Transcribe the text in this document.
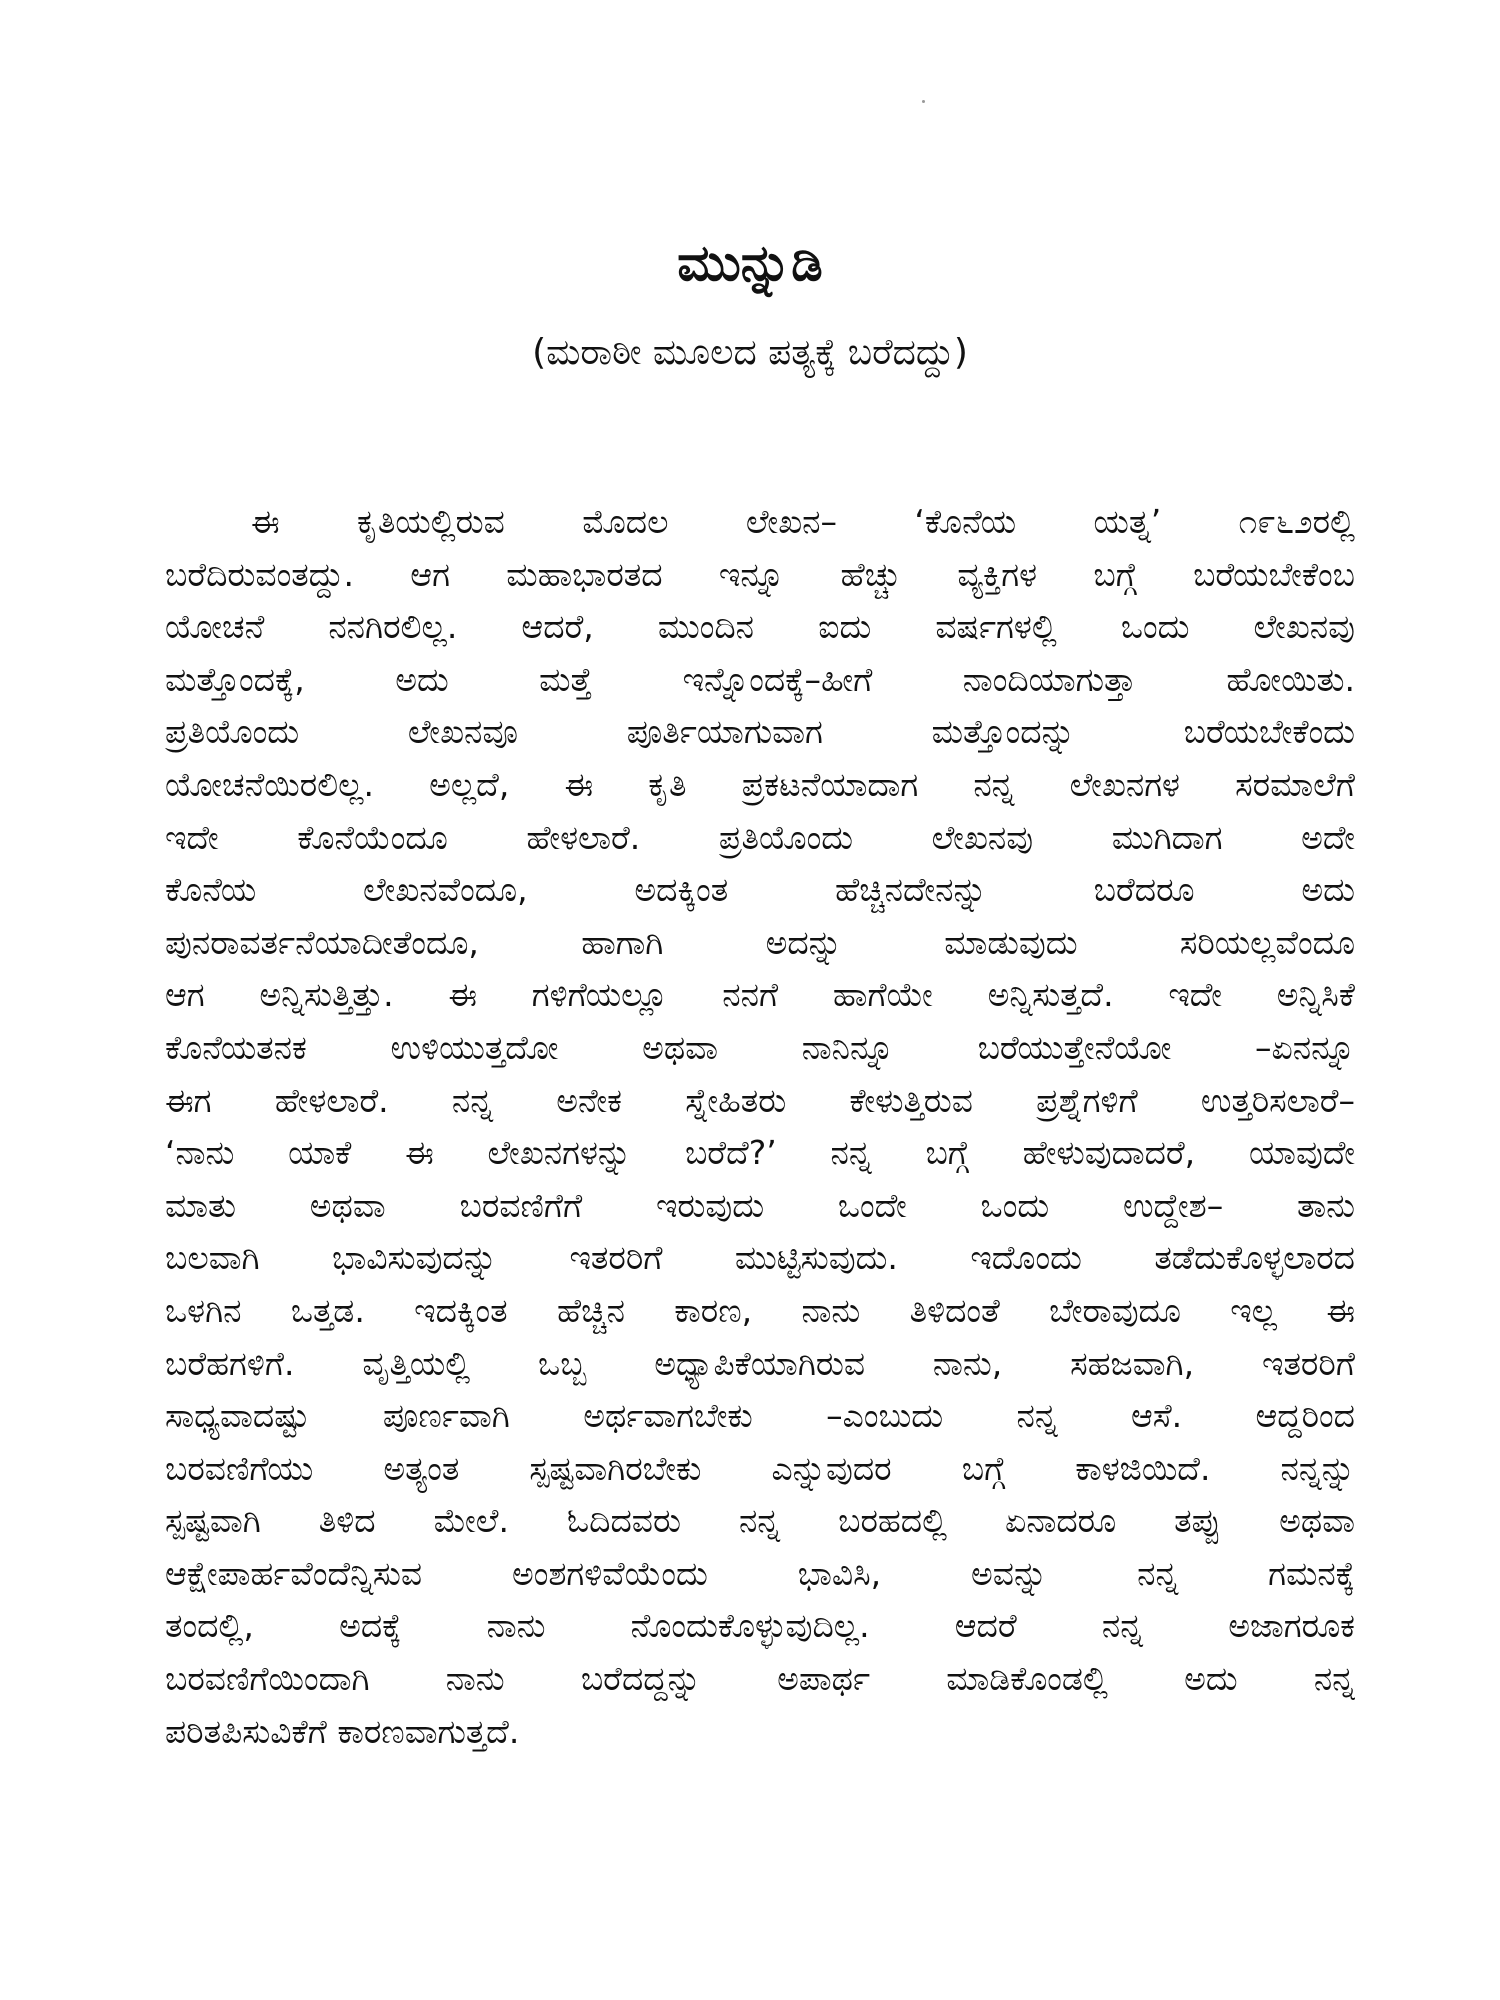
ಮುನ್ನುಡಿ
(ಮರಾಠೀ ಮೂಲದ ಪತ್ಯಕ್ಕೆ ಬರೆದದ್ದು)
ಈ ಕೃತಿಯಲ್ಲಿರುವ ಮೊದಲ ಲೇಖನ– ‘ಕೊನೆಯ ಯತ್ನ’ ೧೯೬೨ರಲ್ಲಿ
ಬರೆದಿರುವಂತದ್ದು. ಆಗ ಮಹಾಭಾರತದ ಇನ್ನೂ ಹೆಚ್ಚು ವ್ಯಕ್ತಿಗಳ ಬಗ್ಗೆ ಬರೆಯಬೇಕೆಂಬ
ಯೋಚನೆ ನನಗಿರಲಿಲ್ಲ. ಆದರೆ, ಮುಂದಿನ ಐದು ವರ್ಷಗಳಲ್ಲಿ ಒಂದು ಲೇಖನವು
ಮತ್ತೊಂದಕ್ಕೆ, ಅದು ಮತ್ತೆ ಇನ್ನೊಂದಕ್ಕೆ–ಹೀಗೆ ನಾಂದಿಯಾಗುತ್ತಾ ಹೋಯಿತು.
ಪ್ರತಿಯೊಂದು ಲೇಖನವೂ ಪೂರ್ತಿಯಾಗುವಾಗ ಮತ್ತೊಂದನ್ನು ಬರೆಯಬೇಕೆಂದು
ಯೋಚನೆಯಿರಲಿಲ್ಲ. ಅಲ್ಲದೆ, ಈ ಕೃತಿ ಪ್ರಕಟನೆಯಾದಾಗ ನನ್ನ ಲೇಖನಗಳ ಸರಮಾಲೆಗೆ
ಇದೇ ಕೊನೆಯೆಂದೂ ಹೇಳಲಾರೆ. ಪ್ರತಿಯೊಂದು ಲೇಖನವು ಮುಗಿದಾಗ ಅದೇ
ಕೊನೆಯ ಲೇಖನವೆಂದೂ, ಅದಕ್ಕಿಂತ ಹೆಚ್ಚಿನದೇನನ್ನು ಬರೆದರೂ ಅದು
ಪುನರಾವರ್ತನೆಯಾದೀತೆಂದೂ, ಹಾಗಾಗಿ ಅದನ್ನು ಮಾಡುವುದು ಸರಿಯಲ್ಲವೆಂದೂ
ಆಗ ಅನ್ನಿಸುತ್ತಿತ್ತು. ಈ ಗಳಿಗೆಯಲ್ಲೂ ನನಗೆ ಹಾಗೆಯೇ ಅನ್ನಿಸುತ್ತದೆ. ಇದೇ ಅನ್ನಿಸಿಕೆ
ಕೊನೆಯತನಕ ಉಳಿಯುತ್ತದೋ ಅಥವಾ ನಾನಿನ್ನೂ ಬರೆಯುತ್ತೇನೆಯೋ –ಏನನ್ನೂ
ಈಗ ಹೇಳಲಾರೆ. ನನ್ನ ಅನೇಕ ಸ್ನೇಹಿತರು ಕೇಳುತ್ತಿರುವ ಪ್ರಶ್ನೆಗಳಿಗೆ ಉತ್ತರಿಸಲಾರೆ–
‘ನಾನು ಯಾಕೆ ಈ ಲೇಖನಗಳನ್ನು ಬರೆದೆ?’ ನನ್ನ ಬಗ್ಗೆ ಹೇಳುವುದಾದರೆ, ಯಾವುದೇ
ಮಾತು ಅಥವಾ ಬರವಣಿಗೆಗೆ ಇರುವುದು ಒಂದೇ ಒಂದು ಉದ್ದೇಶ– ತಾನು
ಬಲವಾಗಿ ಭಾವಿಸುವುದನ್ನು ಇತರರಿಗೆ ಮುಟ್ಟಿಸುವುದು. ಇದೊಂದು ತಡೆದುಕೊಳ್ಳಲಾರದ
ಒಳಗಿನ ಒತ್ತಡ. ಇದಕ್ಕಿಂತ ಹೆಚ್ಚಿನ ಕಾರಣ, ನಾನು ತಿಳಿದಂತೆ ಬೇರಾವುದೂ ಇಲ್ಲ ಈ
ಬರೆಹಗಳಿಗೆ. ವೃತ್ತಿಯಲ್ಲಿ ಒಬ್ಬ ಅಧ್ಯಾಪಿಕೆಯಾಗಿರುವ ನಾನು, ಸಹಜವಾಗಿ, ಇತರರಿಗೆ
ಸಾಧ್ಯವಾದಷ್ಟು ಪೂರ್ಣವಾಗಿ ಅರ್ಥವಾಗಬೇಕು –ಎಂಬುದು ನನ್ನ ಆಸೆ. ಆದ್ದರಿಂದ
ಬರವಣಿಗೆಯು ಅತ್ಯಂತ ಸ್ಪಷ್ಟವಾಗಿರಬೇಕು ಎನ್ನುವುದರ ಬಗ್ಗೆ ಕಾಳಜಿಯಿದೆ. ನನ್ನನ್ನು
ಸ್ಪಷ್ಟವಾಗಿ ತಿಳಿದ ಮೇಲೆ. ಓದಿದವರು ನನ್ನ ಬರಹದಲ್ಲಿ ಏನಾದರೂ ತಪ್ಪು ಅಥವಾ
ಆಕ್ಷೇಪಾರ್ಹವೆಂದೆನ್ನಿಸುವ ಅಂಶಗಳಿವೆಯೆಂದು ಭಾವಿಸಿ, ಅವನ್ನು ನನ್ನ ಗಮನಕ್ಕೆ
ತಂದಲ್ಲಿ, ಅದಕ್ಕೆ ನಾನು ನೊಂದುಕೊಳ್ಳುವುದಿಲ್ಲ. ಆದರೆ ನನ್ನ ಅಜಾಗರೂಕ
ಬರವಣಿಗೆಯಿಂದಾಗಿ ನಾನು ಬರೆದದ್ದನ್ನು ಅಪಾರ್ಥ ಮಾಡಿಕೊಂಡಲ್ಲಿ ಅದು ನನ್ನ
ಪರಿತಪಿಸುವಿಕೆಗೆ ಕಾರಣವಾಗುತ್ತದೆ.
